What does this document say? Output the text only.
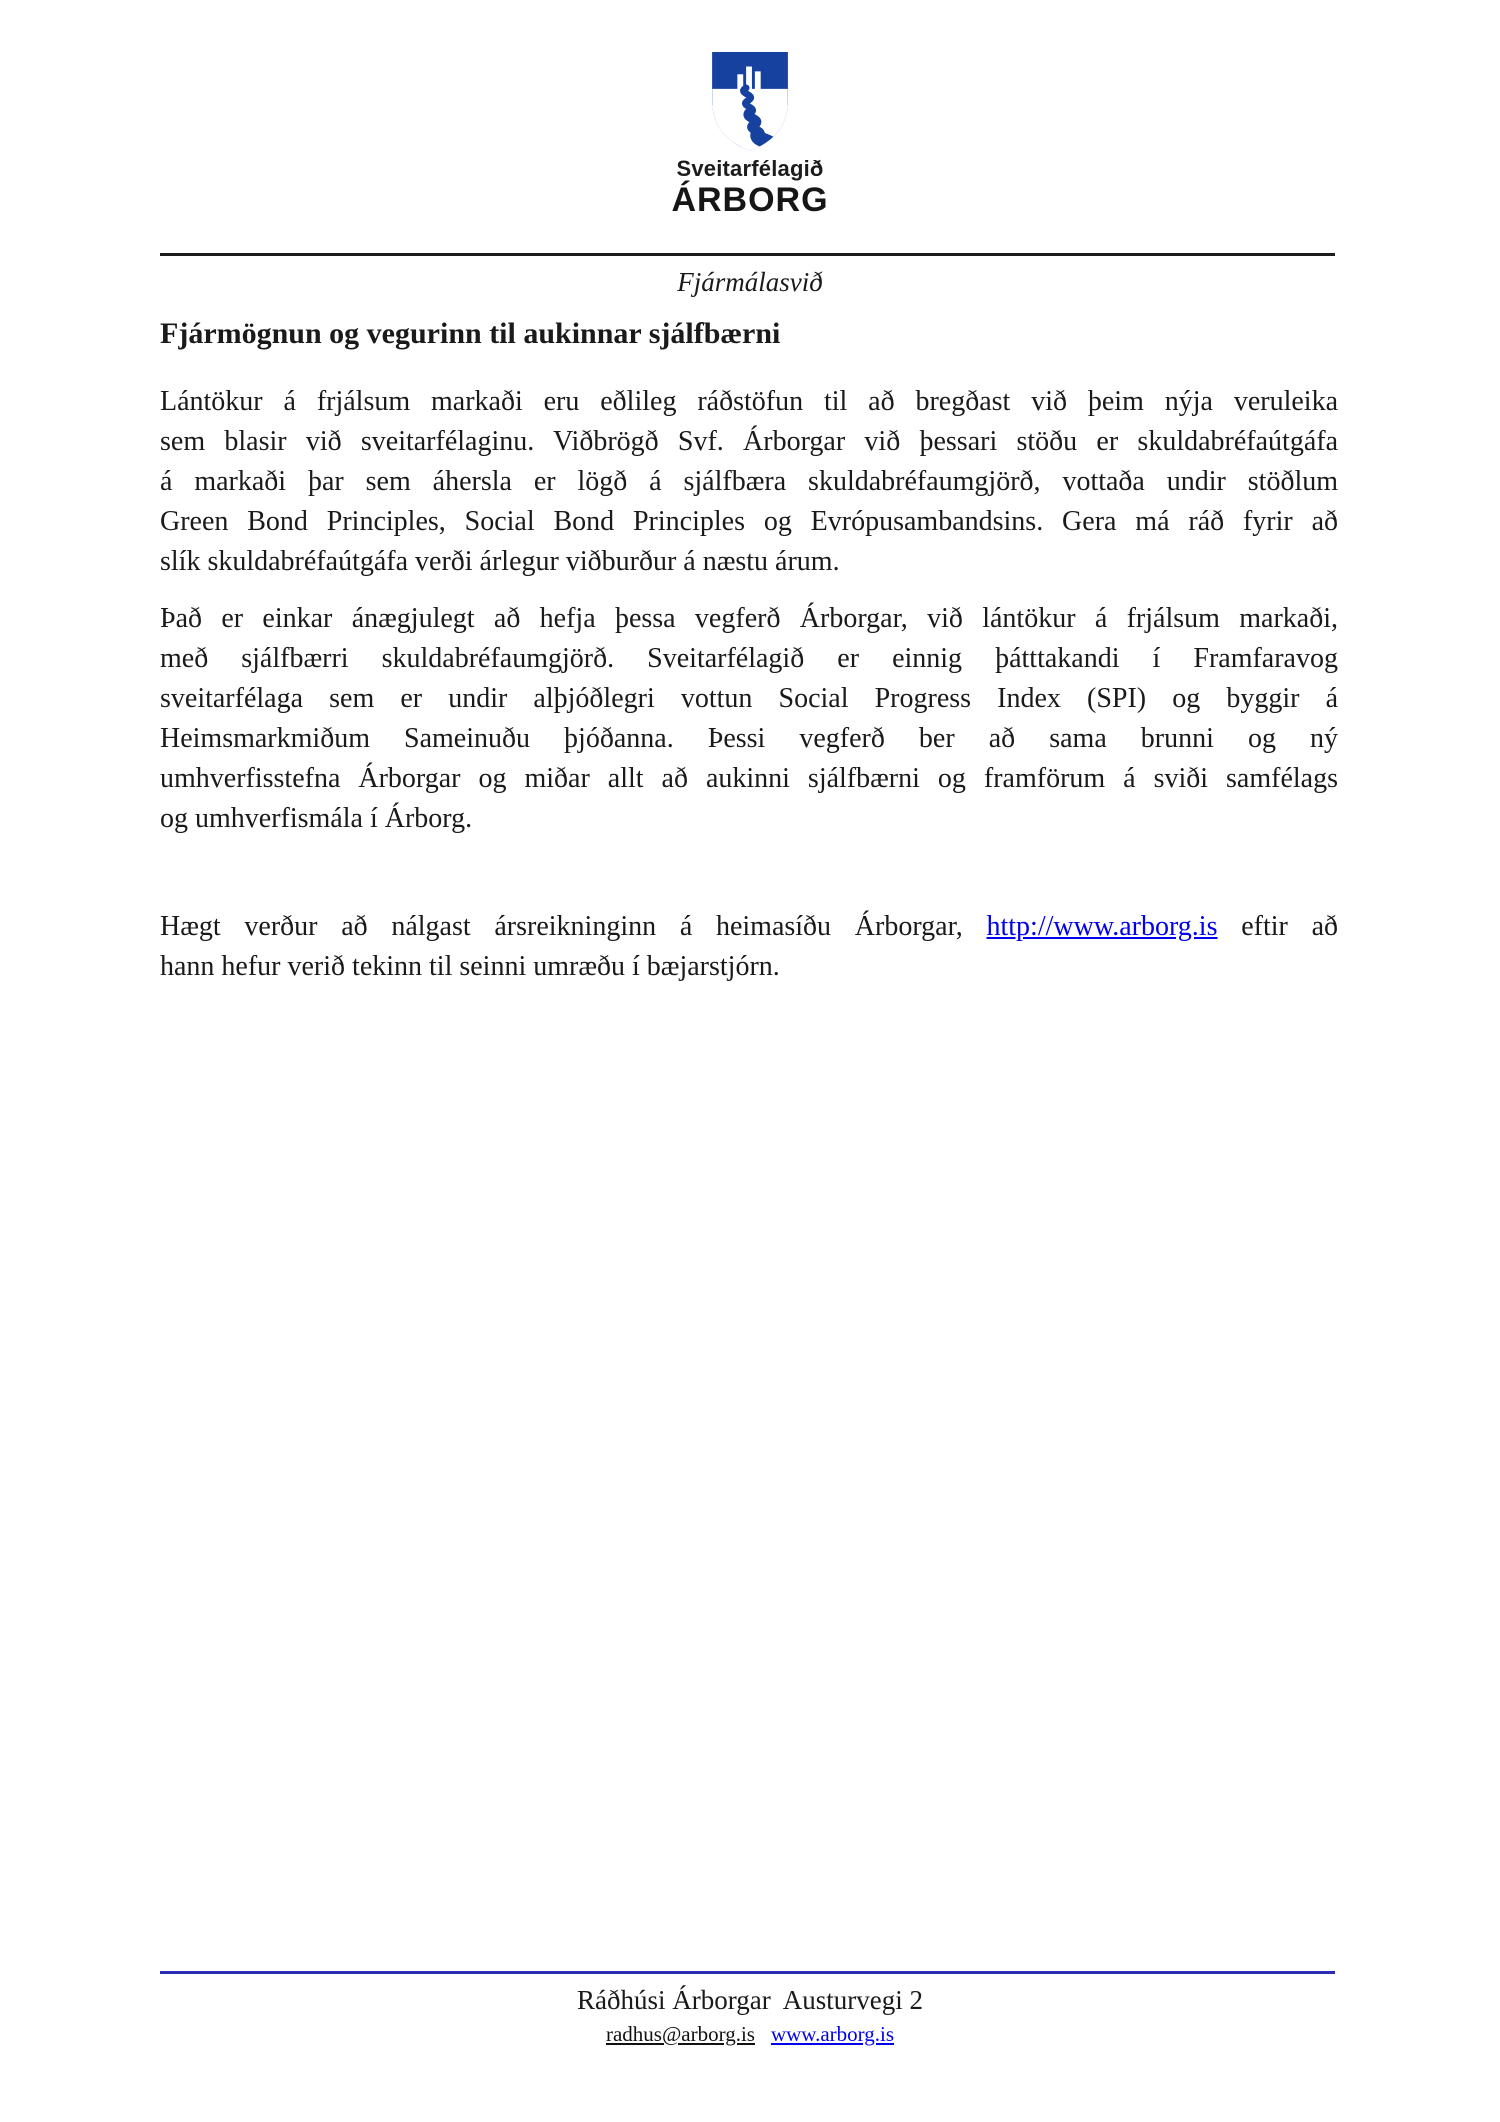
Sveitarfélagið
ÁRBORG
Fjármálasvið
Fjármögnun og vegurinn til aukinnar sjálfbærni
Lántökur á frjálsum markaði eru eðlileg ráðstöfun til að bregðast við þeim nýja veruleika
sem blasir við sveitarfélaginu. Viðbrögð Svf. Árborgar við þessari stöðu er skuldabréfaútgáfa
á markaði þar sem áhersla er lögð á sjálfbæra skuldabréfaumgjörð, vottaða undir stöðlum
Green Bond Principles, Social Bond Principles og Evrópusambandsins. Gera má ráð fyrir að
slík skuldabréfaútgáfa verði árlegur viðburður á næstu árum.
Það er einkar ánægjulegt að hefja þessa vegferð Árborgar, við lántökur á frjálsum markaði,
með sjálfbærri skuldabréfaumgjörð. Sveitarfélagið er einnig þátttakandi í Framfaravog
sveitarfélaga sem er undir alþjóðlegri vottun Social Progress Index (SPI) og byggir á
Heimsmarkmiðum Sameinuðu þjóðanna. Þessi vegferð ber að sama brunni og ný
umhverfisstefna Árborgar og miðar allt að aukinni sjálfbærni og framförum á sviði samfélags
og umhverfismála í Árborg.
Hægt verður að nálgast ársreikninginn á heimasíðu Árborgar, http://www.arborg.is eftir að
hann hefur verið tekinn til seinni umræðu í bæjarstjórn.
Ráðhúsi Árborgar  Austurvegi 2
radhus@arborg.is www.arborg.is
